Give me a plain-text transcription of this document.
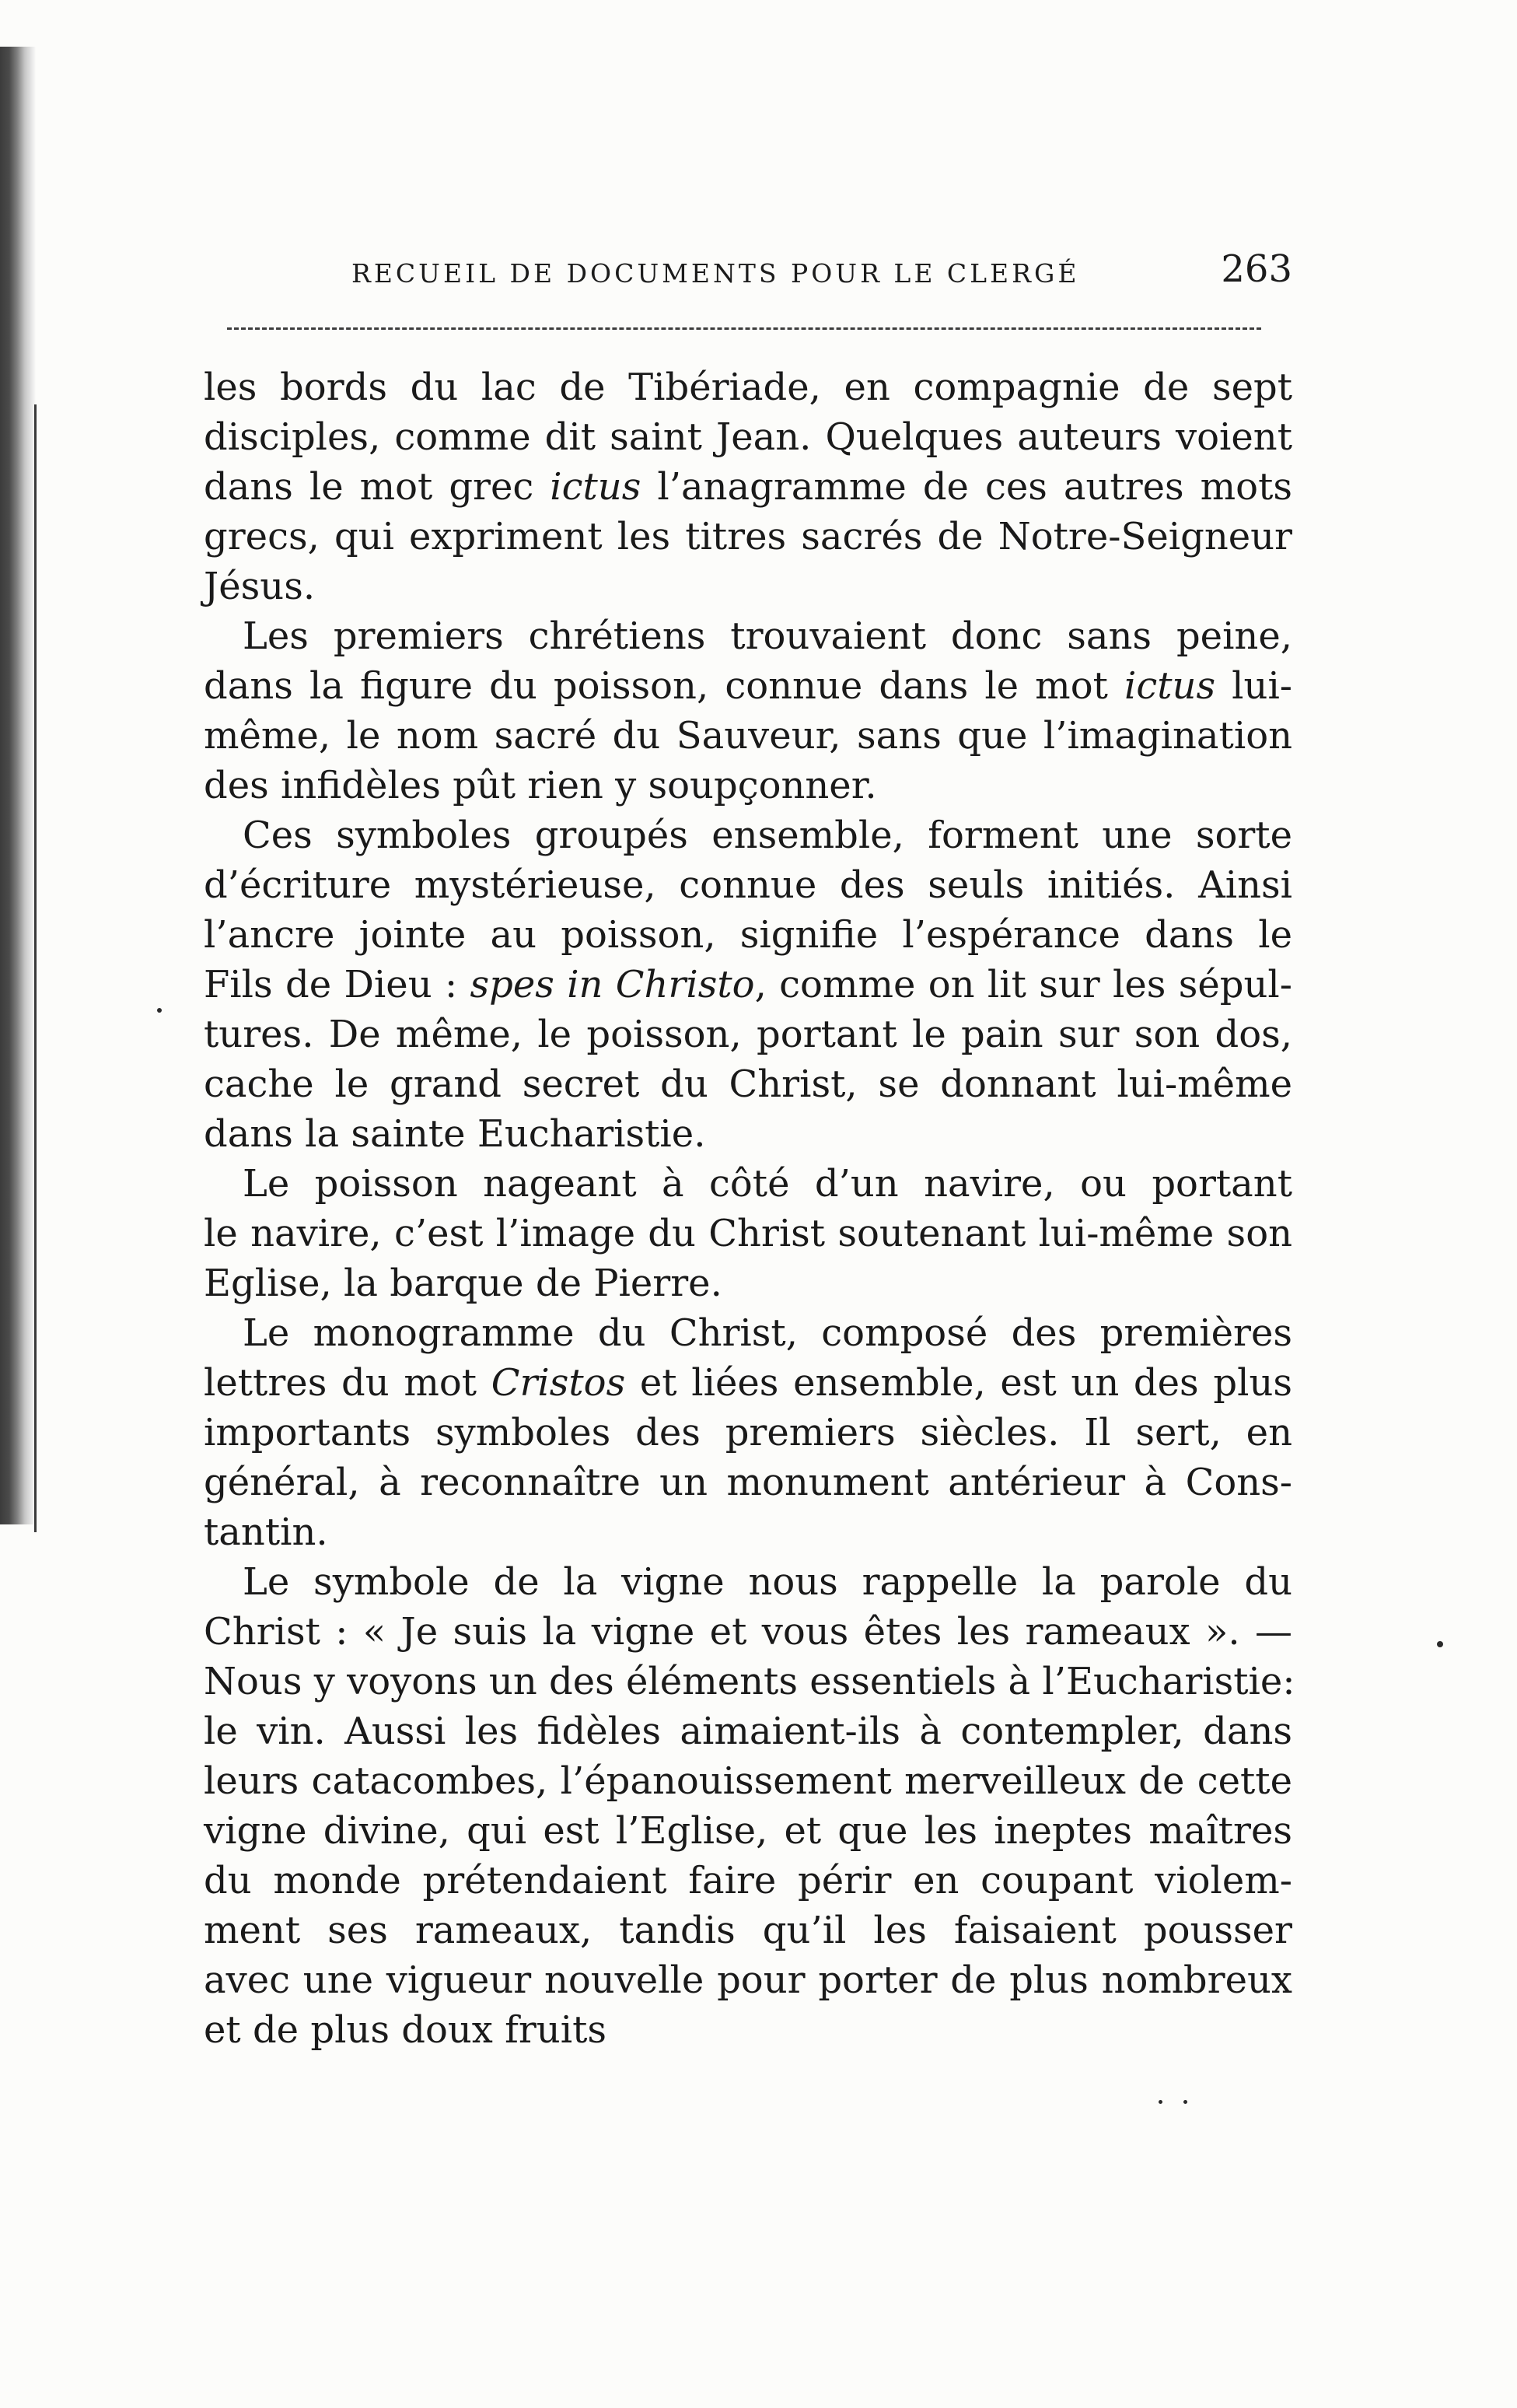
RECUEIL DE DOCUMENTS POUR LE CLERGÉ	263
les bords du lac de Tibériade, en compagnie de sept
disciples, comme dit saint Jean. Quelques auteurs voient
dans le mot grec ictus l’anagramme de ces autres mots
grecs, qui expriment les titres sacrés de Notre-Seigneur
Jésus.
Les premiers chrétiens trouvaient donc sans peine,
dans la figure du poisson, connue dans le mot ictus lui-
même, le nom sacré du Sauveur, sans que l’imagination
des infidèles pût rien y soupçonner.
Ces symboles groupés ensemble, forment une sorte
d’écriture mystérieuse, connue des seuls initiés. Ainsi
l’ancre jointe au poisson, signifie l’espérance dans le
Fils de Dieu : spes in Christo, comme on lit sur les sépul-
tures. De même, le poisson, portant le pain sur son dos,
cache le grand secret du Christ, se donnant lui-même
dans la sainte Eucharistie.
Le poisson nageant à côté d’un navire, ou portant
le navire, c’est l’image du Christ soutenant lui-même son
Eglise, la barque de Pierre.
Le monogramme du Christ, composé des premières
lettres du mot Cristos et liées ensemble, est un des plus
importants symboles des premiers siècles. Il sert, en
général, à reconnaître un monument antérieur à Cons-
tantin.
Le symbole de la vigne nous rappelle la parole du
Christ : « Je suis la vigne et vous êtes les rameaux ». —
Nous y voyons un des éléments essentiels à l’Eucharistie:
le vin. Aussi les fidèles aimaient-ils à contempler, dans
leurs catacombes, l’épanouissement merveilleux de cette
vigne divine, qui est l’Eglise, et que les ineptes maîtres
du monde prétendaient faire périr en coupant violem-
ment ses rameaux, tandis qu’il les faisaient pousser
avec une vigueur nouvelle pour porter de plus nombreux
et de plus doux fruits
